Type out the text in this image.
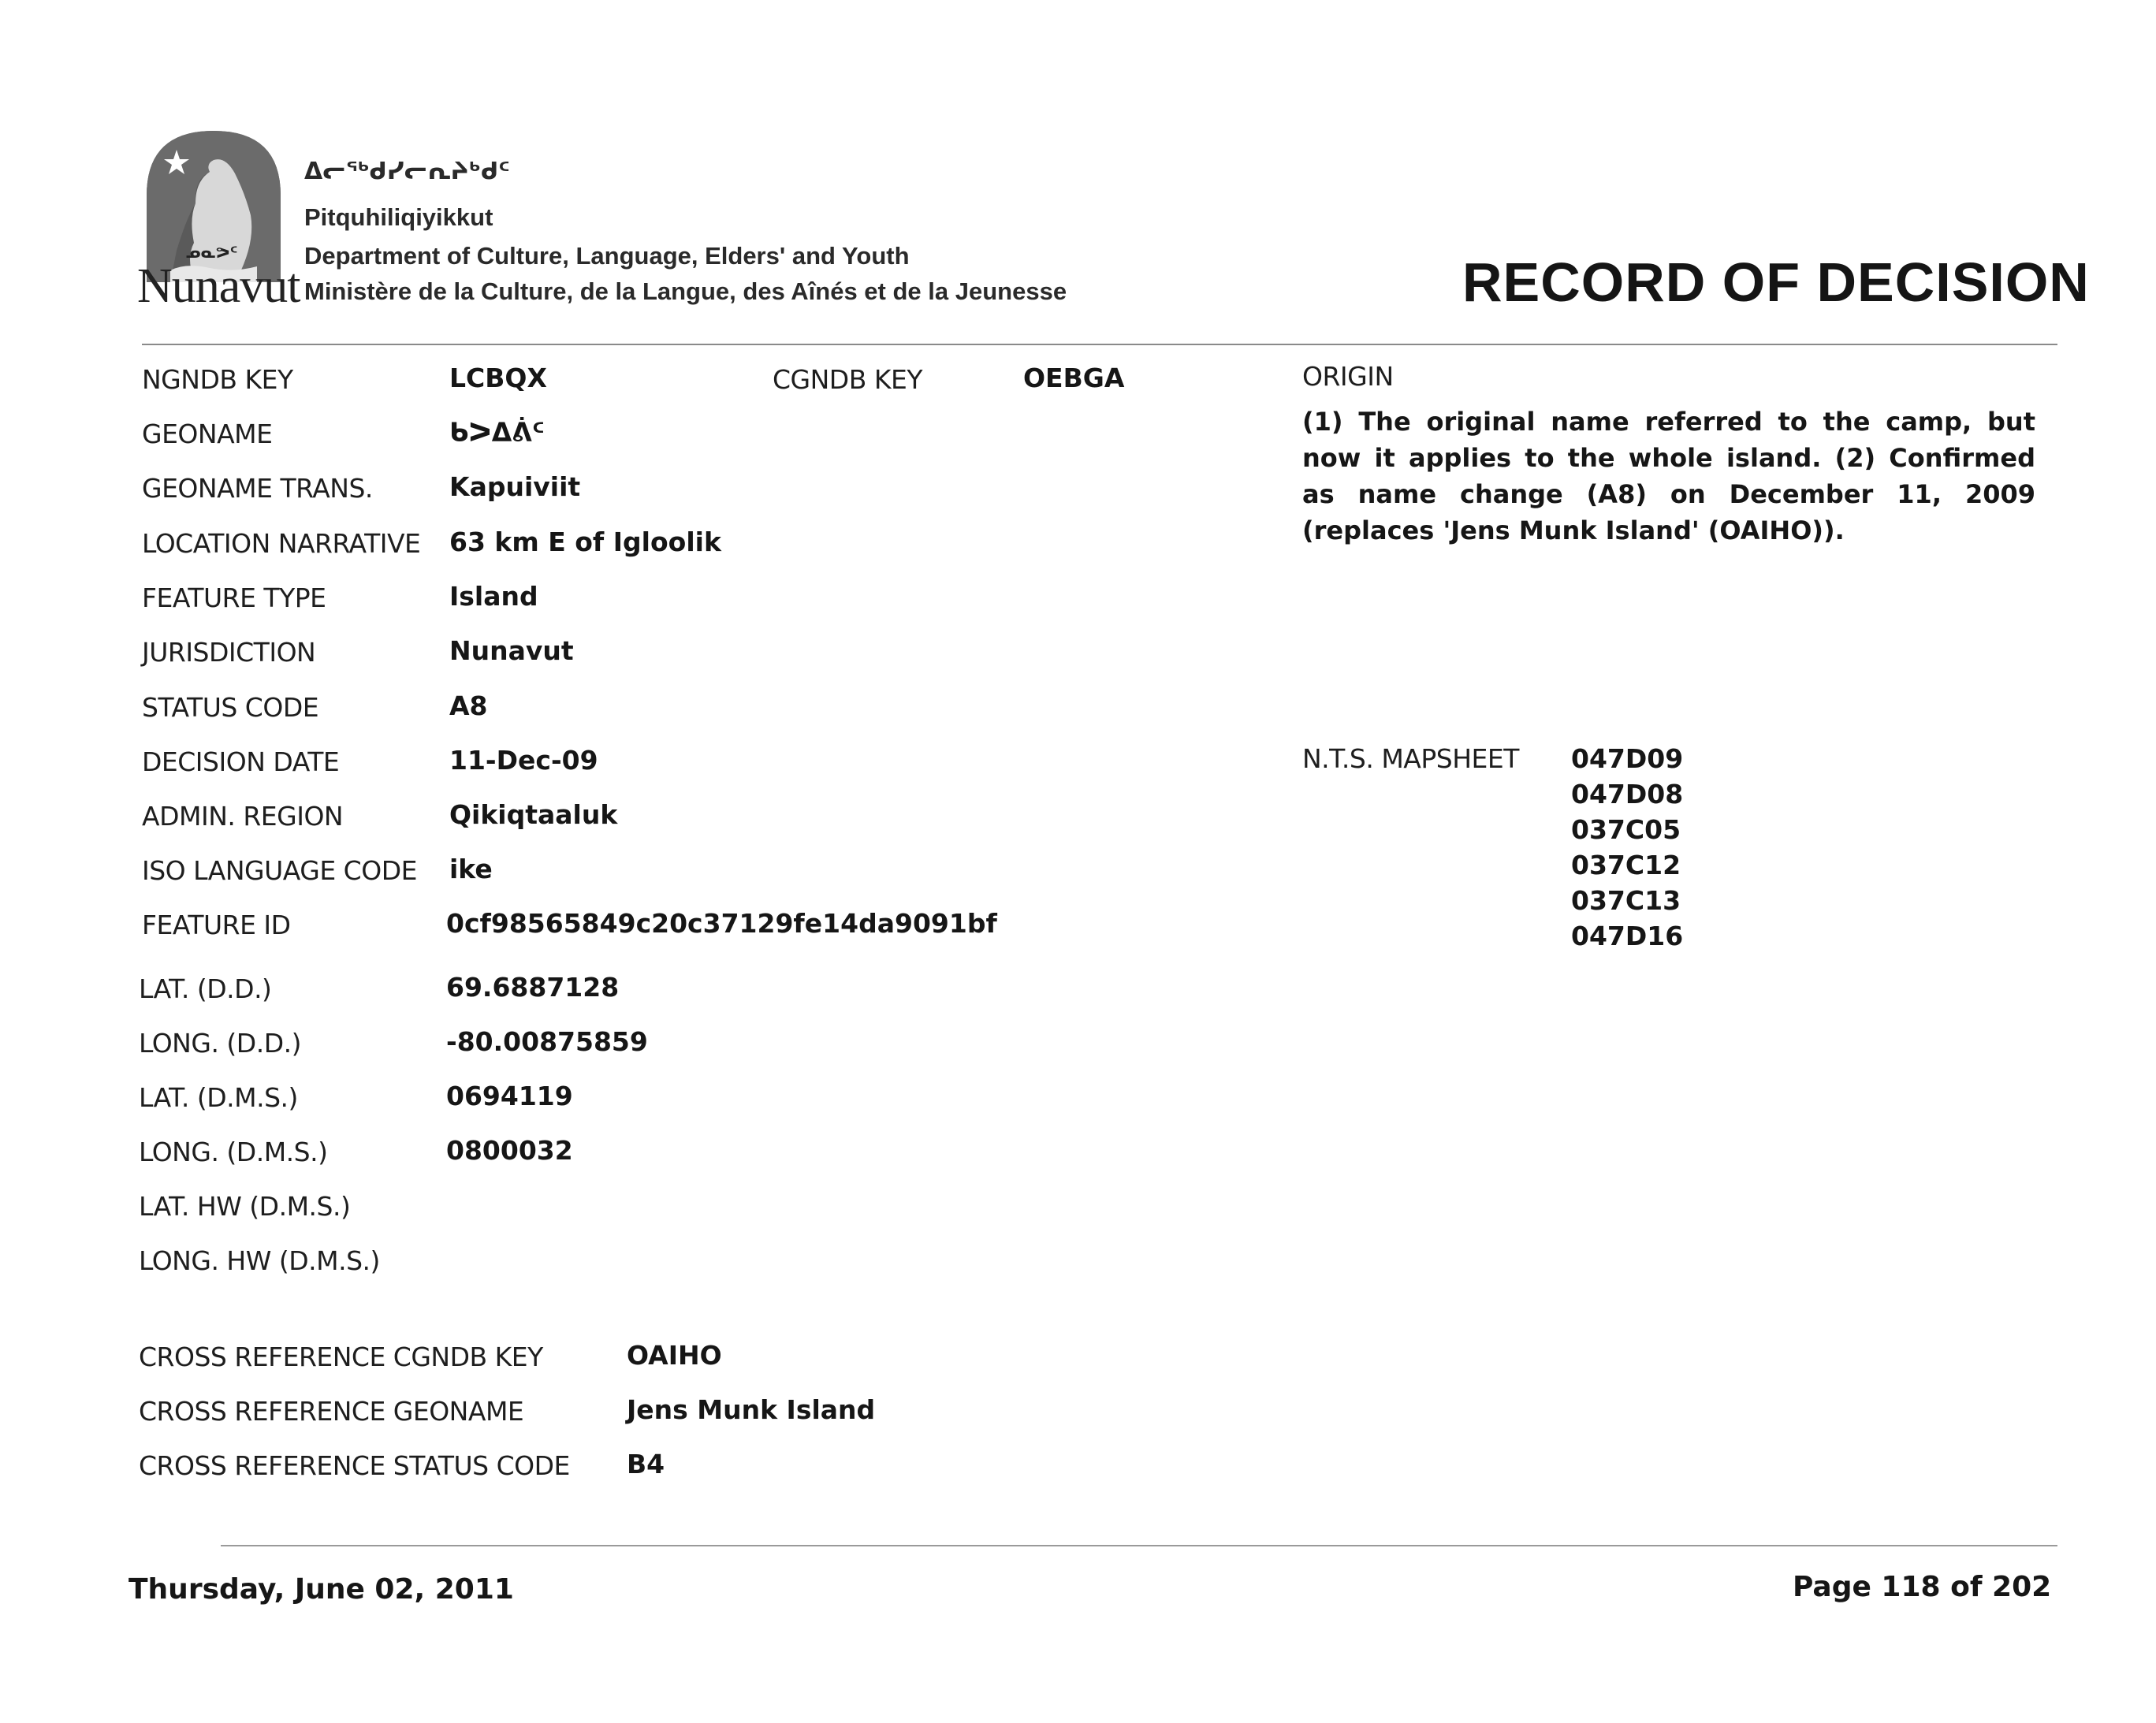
ᓄᓇᕗᑦ
Nunavut
ᐃᓕᖅᑯᓯᓕᕆᔨᒃᑯᑦ
Pitquhiliqiyikkut
Department of Culture, Language, Elders' and Youth
Ministère de la Culture, de la Langue, des Aînés et de la Jeunesse	RECORD OF DECISION
NGNDB KEY	LCBQX	CGNDB KEY	OEBGA
GEONAME	ᑲᐳᐃᕖᑦ
GEONAME TRANS.	Kapuiviit
LOCATION NARRATIVE 63 km E of Igloolik
FEATURE TYPE	Island
JURISDICTION	Nunavut
STATUS CODE	A8
DECISION DATE	11-Dec-09
ADMIN. REGION	Qikiqtaaluk
ISO LANGUAGE CODE ike
FEATURE ID	0cf98565849c20c37129fe14da9091bf
LAT. (D.D.)	69.6887128
LONG. (D.D.)	-80.00875859
LAT. (D.M.S.)	0694119
LONG. (D.M.S.)	0800032
LAT. HW (D.M.S.)
LONG. HW (D.M.S.)
ORIGIN
(1) The original name referred to the camp, but now it applies to the whole island. (2) Confirmed as name change (A8) on December 11, 2009 (replaces 'Jens Munk Island' (OAIHO)).
N.T.S. MAPSHEET 047D09
047D08
037C05
037C12
037C13
047D16
CROSS REFERENCE CGNDB KEY	OAIHO
CROSS REFERENCE GEONAME	Jens Munk Island
CROSS REFERENCE STATUS CODE B4
Thursday, June 02, 2011	Page 118 of 202
